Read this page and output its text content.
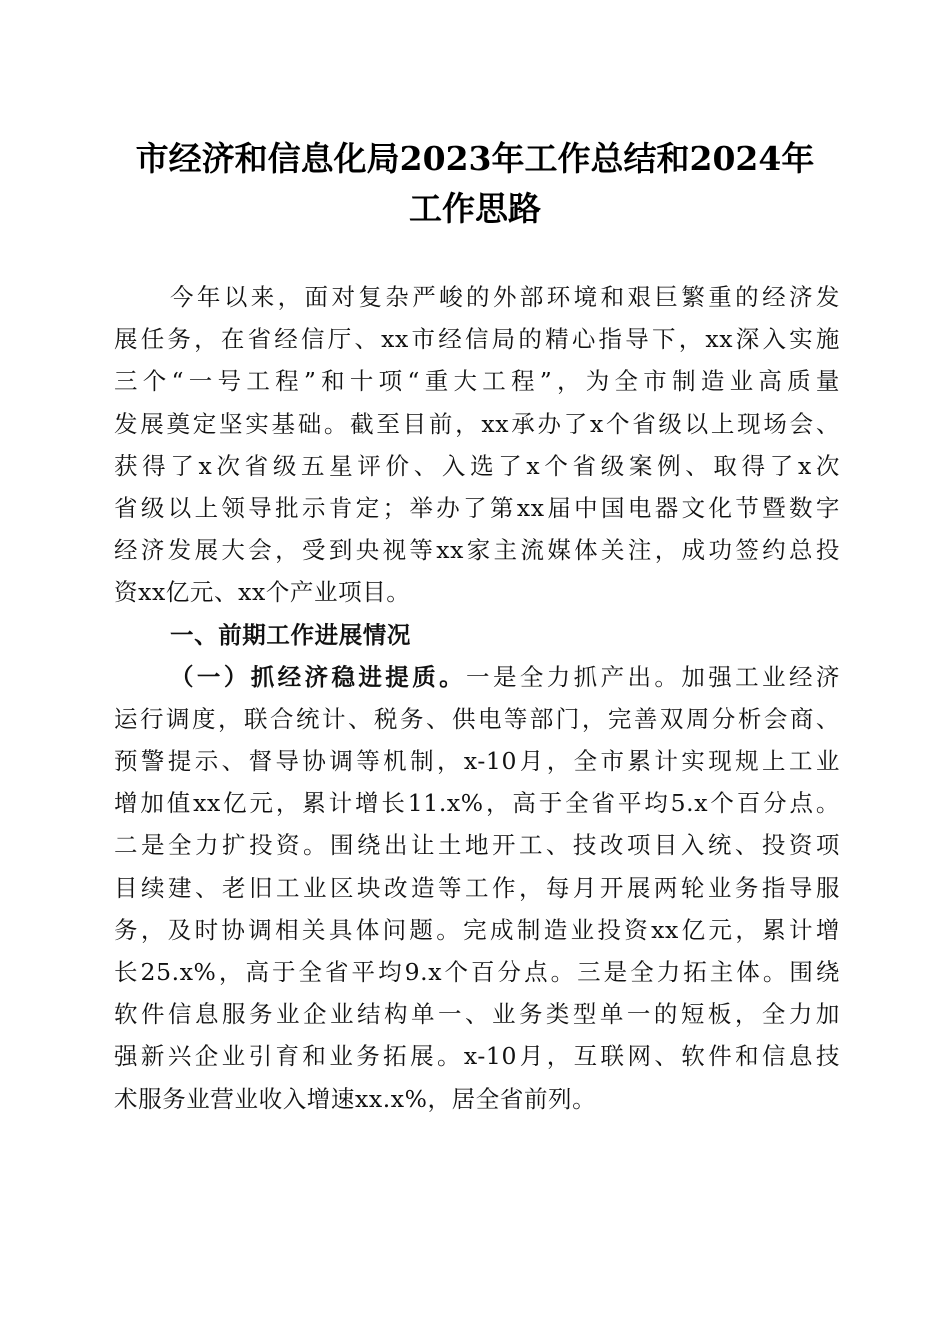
市经济和信息化局2023年工作总结和2024年
工作思路
今年以来，面对复杂严峻的外部环境和艰巨繁重的经济发
展任务，在省经信厅、xx市经信局的精心指导下，xx深入实施
三个“一号工程”和十项“重大工程”，为全市制造业高质量
发展奠定坚实基础。截至目前，xx承办了x个省级以上现场会、
获得了x次省级五星评价、入选了x个省级案例、取得了x次
省级以上领导批示肯定；举办了第xx届中国电器文化节暨数字
经济发展大会，受到央视等xx家主流媒体关注，成功签约总投
资xx亿元、xx个产业项目。
一、前期工作进展情况
（一）抓经济稳进提质。一是全力抓产出。加强工业经济
运行调度，联合统计、税务、供电等部门，完善双周分析会商、
预警提示、督导协调等机制，x-10月，全市累计实现规上工业
增加值xx亿元，累计增长11.x%，高于全省平均5.x个百分点。
二是全力扩投资。围绕出让土地开工、技改项目入统、投资项
目续建、老旧工业区块改造等工作，每月开展两轮业务指导服
务，及时协调相关具体问题。完成制造业投资xx亿元，累计增
长25.x%，高于全省平均9.x个百分点。三是全力拓主体。围绕
软件信息服务业企业结构单一、业务类型单一的短板，全力加
强新兴企业引育和业务拓展。x-10月，互联网、软件和信息技
术服务业营业收入增速xx.x%，居全省前列。
